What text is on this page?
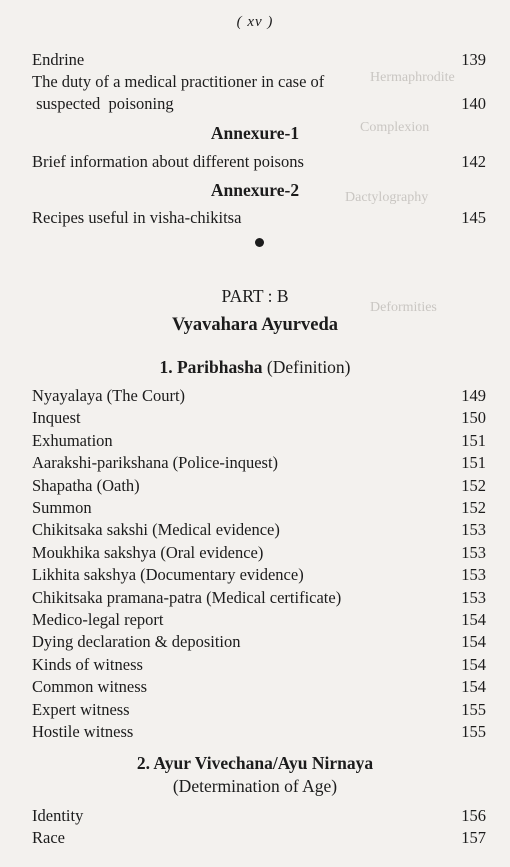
Hermaphrodite
Complexion
Dactylography
Deformities
( xv )
Endrine	139
The duty of a medical practitioner in case of
suspected  poisoning	140
Annexure-1
Brief information about different poisons	142
Annexure-2
Recipes useful in visha-chikitsa	145
PART : B
Vyavahara Ayurveda
1. Paribhasha (Definition)
Nyayalaya (The Court)	149
Inquest	150
Exhumation	151
Aarakshi-parikshana (Police-inquest)	151
Shapatha (Oath)	152
Summon	152
Chikitsaka sakshi (Medical evidence)	153
Moukhika sakshya (Oral evidence)	153
Likhita sakshya (Documentary evidence)	153
Chikitsaka pramana-patra (Medical certificate)	153
Medico-legal report	154
Dying declaration & deposition	154
Kinds of witness	154
Common witness	154
Expert witness	155
Hostile witness	155
2. Ayur Vivechana/Ayu Nirnaya
(Determination of Age)
Identity	156
Race	157
